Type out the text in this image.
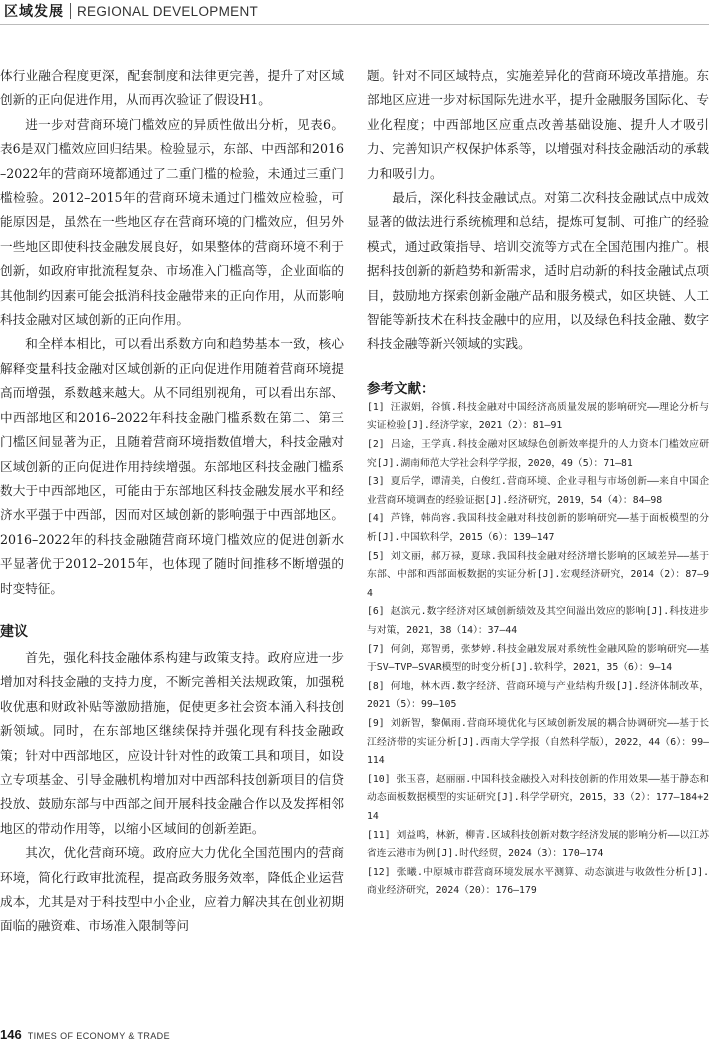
区域发展 REGIONAL DEVELOPMENT

体行业融合程度更深，配套制度和法律更完善，提升了对区域创新的正向促进作用，从而再次验证了假设H1。

进一步对营商环境门槛效应的异质性做出分析，见表6。表6是双门槛效应回归结果。检验显示，东部、中西部和2016–2022年的营商环境都通过了二重门槛的检验，未通过三重门槛检验。2012–2015年的营商环境未通过门槛效应检验，可能原因是，虽然在一些地区存在营商环境的门槛效应，但另外一些地区即使科技金融发展良好，如果整体的营商环境不利于创新，如政府审批流程复杂、市场准入门槛高等，企业面临的其他制约因素可能会抵消科技金融带来的正向作用，从而影响科技金融对区域创新的正向作用。

和全样本相比，可以看出系数方向和趋势基本一致，核心解释变量科技金融对区域创新的正向促进作用随着营商环境提高而增强，系数越来越大。从不同组别视角，可以看出东部、中西部地区和2016–2022年科技金融门槛系数在第二、第三门槛区间显著为正，且随着营商环境指数值增大，科技金融对区域创新的正向促进作用持续增强。东部地区科技金融门槛系数大于中西部地区，可能由于东部地区科技金融发展水平和经济水平强于中西部，因而对区域创新的影响强于中西部地区。2016–2022年的科技金融随营商环境门槛效应的促进创新水平显著优于2012–2015年，也体现了随时间推移不断增强的时变特征。

建议

首先，强化科技金融体系构建与政策支持。政府应进一步增加对科技金融的支持力度，不断完善相关法规政策，加强税收优惠和财政补贴等激励措施，促使更多社会资本涌入科技创新领域。同时，在东部地区继续保持并强化现有科技金融政策；针对中西部地区，应设计针对性的政策工具和项目，如设立专项基金、引导金融机构增加对中西部科技创新项目的信贷投放、鼓励东部与中西部之间开展科技金融合作以及发挥相邻地区的带动作用等，以缩小区域间的创新差距。

其次，优化营商环境。政府应大力优化全国范围内的营商环境，简化行政审批流程，提高政务服务效率，降低企业运营成本，尤其是对于科技型中小企业，应着力解决其在创业初期面临的融资难、市场准入限制等问

题。针对不同区域特点，实施差异化的营商环境改革措施。东部地区应进一步对标国际先进水平，提升金融服务国际化、专业化程度；中西部地区应重点改善基础设施、提升人才吸引力、完善知识产权保护体系等，以增强对科技金融活动的承载力和吸引力。

最后，深化科技金融试点。对第二次科技金融试点中成效显著的做法进行系统梳理和总结，提炼可复制、可推广的经验模式，通过政策指导、培训交流等方式在全国范围内推广。根据科技创新的新趋势和新需求，适时启动新的科技金融试点项目，鼓励地方探索创新金融产品和服务模式，如区块链、人工智能等新技术在科技金融中的应用，以及绿色科技金融、数字科技金融等新兴领域的实践。

参考文献：

[1] 汪淑娟，谷慎.科技金融对中国经济高质量发展的影响研究——理论分析与实证检验[J].经济学家，2021（2）：81–91

[2] 吕途，王学真.科技金融对区域绿色创新效率提升的人力资本门槛效应研究[J].湖南师范大学社会科学学报，2020，49（5）：71–81

[3] 夏后学，谭清美，白俊红.营商环境、企业寻租与市场创新——来自中国企业营商环境调查的经验证据[J].经济研究，2019，54（4）：84–98

[4] 芦锋，韩尚容.我国科技金融对科技创新的影响研究——基于面板模型的分析[J].中国软科学，2015（6）：139–147

[5] 刘文丽，郝万禄，夏球.我国科技金融对经济增长影响的区域差异——基于东部、中部和西部面板数据的实证分析[J].宏观经济研究，2014（2）：87–94

[6] 赵滨元.数字经济对区域创新绩效及其空间溢出效应的影响[J].科技进步与对策，2021，38（14）：37–44

[7] 何剑，郑智勇，张梦婷.科技金融发展对系统性金融风险的影响研究——基于SV–TVP–SVAR模型的时变分析[J].软科学，2021，35（6）：9–14

[8] 何地，林木西.数字经济、营商环境与产业结构升级[J].经济体制改革，2021（5）：99–105

[9] 刘新智，黎佩雨.营商环境优化与区域创新发展的耦合协调研究——基于长江经济带的实证分析[J].西南大学学报（自然科学版），2022，44（6）：99–114

[10] 张玉喜，赵丽丽.中国科技金融投入对科技创新的作用效果——基于静态和动态面板数据模型的实证研究[J].科学学研究，2015，33（2）：177–184+214

[11] 刘益鸣，林新，柳青.区域科技创新对数字经济发展的影响分析——以江苏省连云港市为例[J].时代经贸，2024（3）：170–174

[12] 张曦.中原城市群营商环境发展水平测算、动态演进与收敛性分析[J].商业经济研究，2024（20）：176–179

146 TIMES OF ECONOMY & TRADE
